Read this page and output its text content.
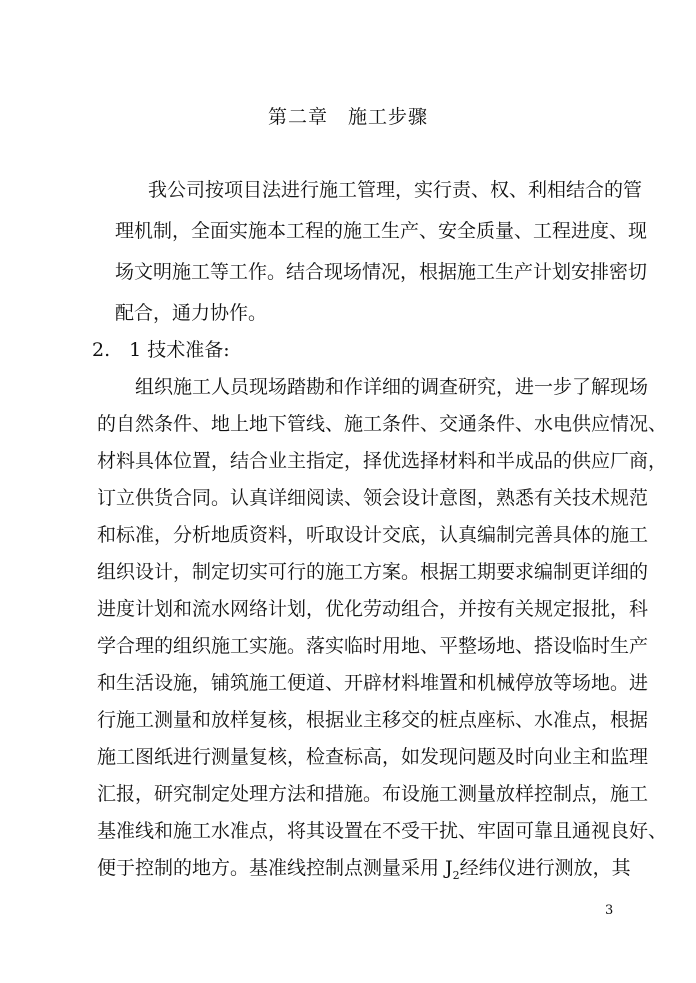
第二章　施工步骤
我公司按项目法进行施工管理，实行责、权、利相结合的管
理机制，全面实施本工程的施工生产、安全质量、工程进度、现
场文明施工等工作。结合现场情况，根据施工生产计划安排密切
配合，通力协作。
2.　1 技术准备:
组织施工人员现场踏勘和作详细的调查研究，进一步了解现场
的自然条件、地上地下管线、施工条件、交通条件、水电供应情况、
材料具体位置，结合业主指定，择优选择材料和半成品的供应厂商，
订立供货合同。认真详细阅读、领会设计意图，熟悉有关技术规范
和标准，分析地质资料，听取设计交底，认真编制完善具体的施工
组织设计，制定切实可行的施工方案。根据工期要求编制更详细的
进度计划和流水网络计划，优化劳动组合，并按有关规定报批，科
学合理的组织施工实施。落实临时用地、平整场地、搭设临时生产
和生活设施，铺筑施工便道、开辟材料堆置和机械停放等场地。进
行施工测量和放样复核，根据业主移交的桩点座标、水准点，根据
施工图纸进行测量复核，检查标高，如发现问题及时向业主和监理
汇报，研究制定处理方法和措施。布设施工测量放样控制点，施工
基准线和施工水准点，将其设置在不受干扰、牢固可靠且通视良好、
便于控制的地方。基准线控制点测量采用 $J_2$经纬仪进行测放，其
3
